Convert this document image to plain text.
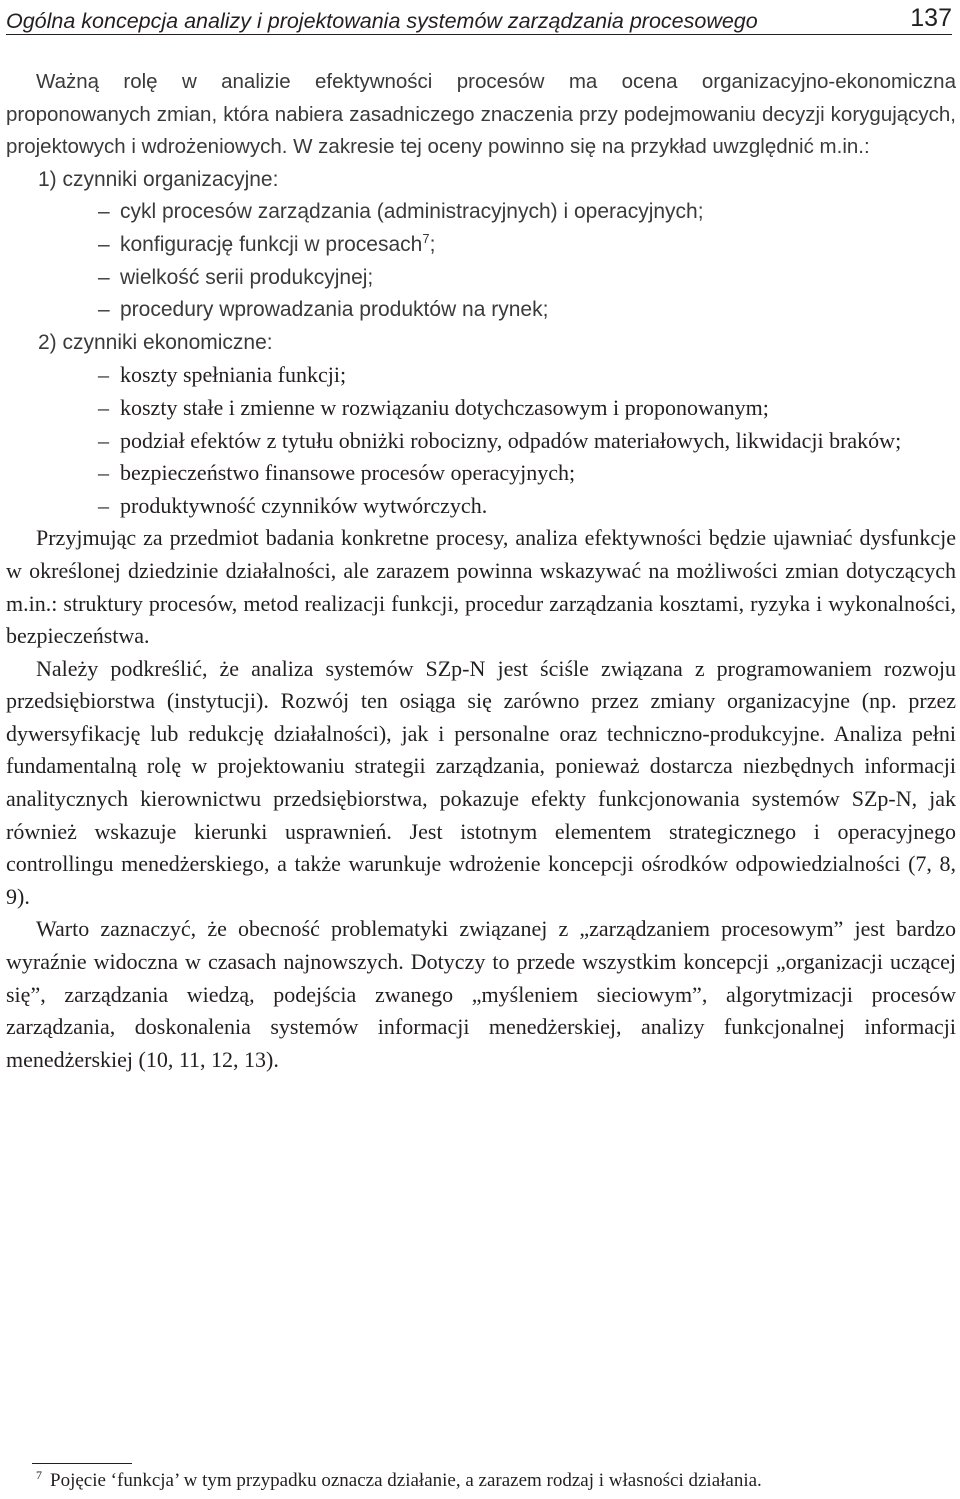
Ogólna koncepcja analizy i projektowania systemów zarządzania procesowego	137

Ważną rolę w analizie efektywności procesów ma ocena organizacyjno-ekonomiczna proponowanych zmian, która nabiera zasadniczego znaczenia przy podejmowaniu decyzji korygujących, projektowych i wdrożeniowych. W zakresie tej oceny powinno się na przykład uwzględnić m.in.:

1) czynniki organizacyjne:
– cykl procesów zarządzania (administracyjnych) i operacyjnych;
– konfigurację funkcji w procesach$^7$;
– wielkość serii produkcyjnej;
– procedury wprowadzania produktów na rynek;
2) czynniki ekonomiczne:
– koszty spełniania funkcji;
– koszty stałe i zmienne w rozwiązaniu dotychczasowym i proponowanym;
– podział efektów z tytułu obniżki robocizny, odpadów materiałowych, likwidacji braków;
– bezpieczeństwo finansowe procesów operacyjnych;
– produktywność czynników wytwórczych.

Przyjmując za przedmiot badania konkretne procesy, analiza efektywności będzie ujawniać dysfunkcje w określonej dziedzinie działalności, ale zarazem powinna wskazywać na możliwości zmian dotyczących m.in.: struktury procesów, metod realizacji funkcji, procedur zarządzania kosztami, ryzyka i wykonalności, bezpieczeństwa.

Należy podkreślić, że analiza systemów SZp-N jest ściśle związana z programowaniem rozwoju przedsiębiorstwa (instytucji). Rozwój ten osiąga się zarówno przez zmiany organizacyjne (np. przez dywersyfikację lub redukcję działalności), jak i personalne oraz techniczno-produkcyjne. Analiza pełni fundamentalną rolę w projektowaniu strategii zarządzania, ponieważ dostarcza niezbędnych informacji analitycznych kierownictwu przedsiębiorstwa, pokazuje efekty funkcjonowania systemów SZp-N, jak również wskazuje kierunki usprawnień. Jest istotnym elementem strategicznego i operacyjnego controllingu menedżerskiego, a także warunkuje wdrożenie koncepcji ośrodków odpowiedzialności (7, 8, 9).

Warto zaznaczyć, że obecność problematyki związanej z „zarządzaniem procesowym” jest bardzo wyraźnie widoczna w czasach najnowszych. Dotyczy to przede wszystkim koncepcji „organizacji uczącej się”, zarządzania wiedzą, podejścia zwanego „myśleniem sieciowym”, algorytmizacji procesów zarządzania, doskonalenia systemów informacji menedżerskiej, analizy funkcjonalnej informacji menedżerskiej (10, 11, 12, 13).

$^7$ Pojęcie ‘funkcja’ w tym przypadku oznacza działanie, a zarazem rodzaj i własności działania.
